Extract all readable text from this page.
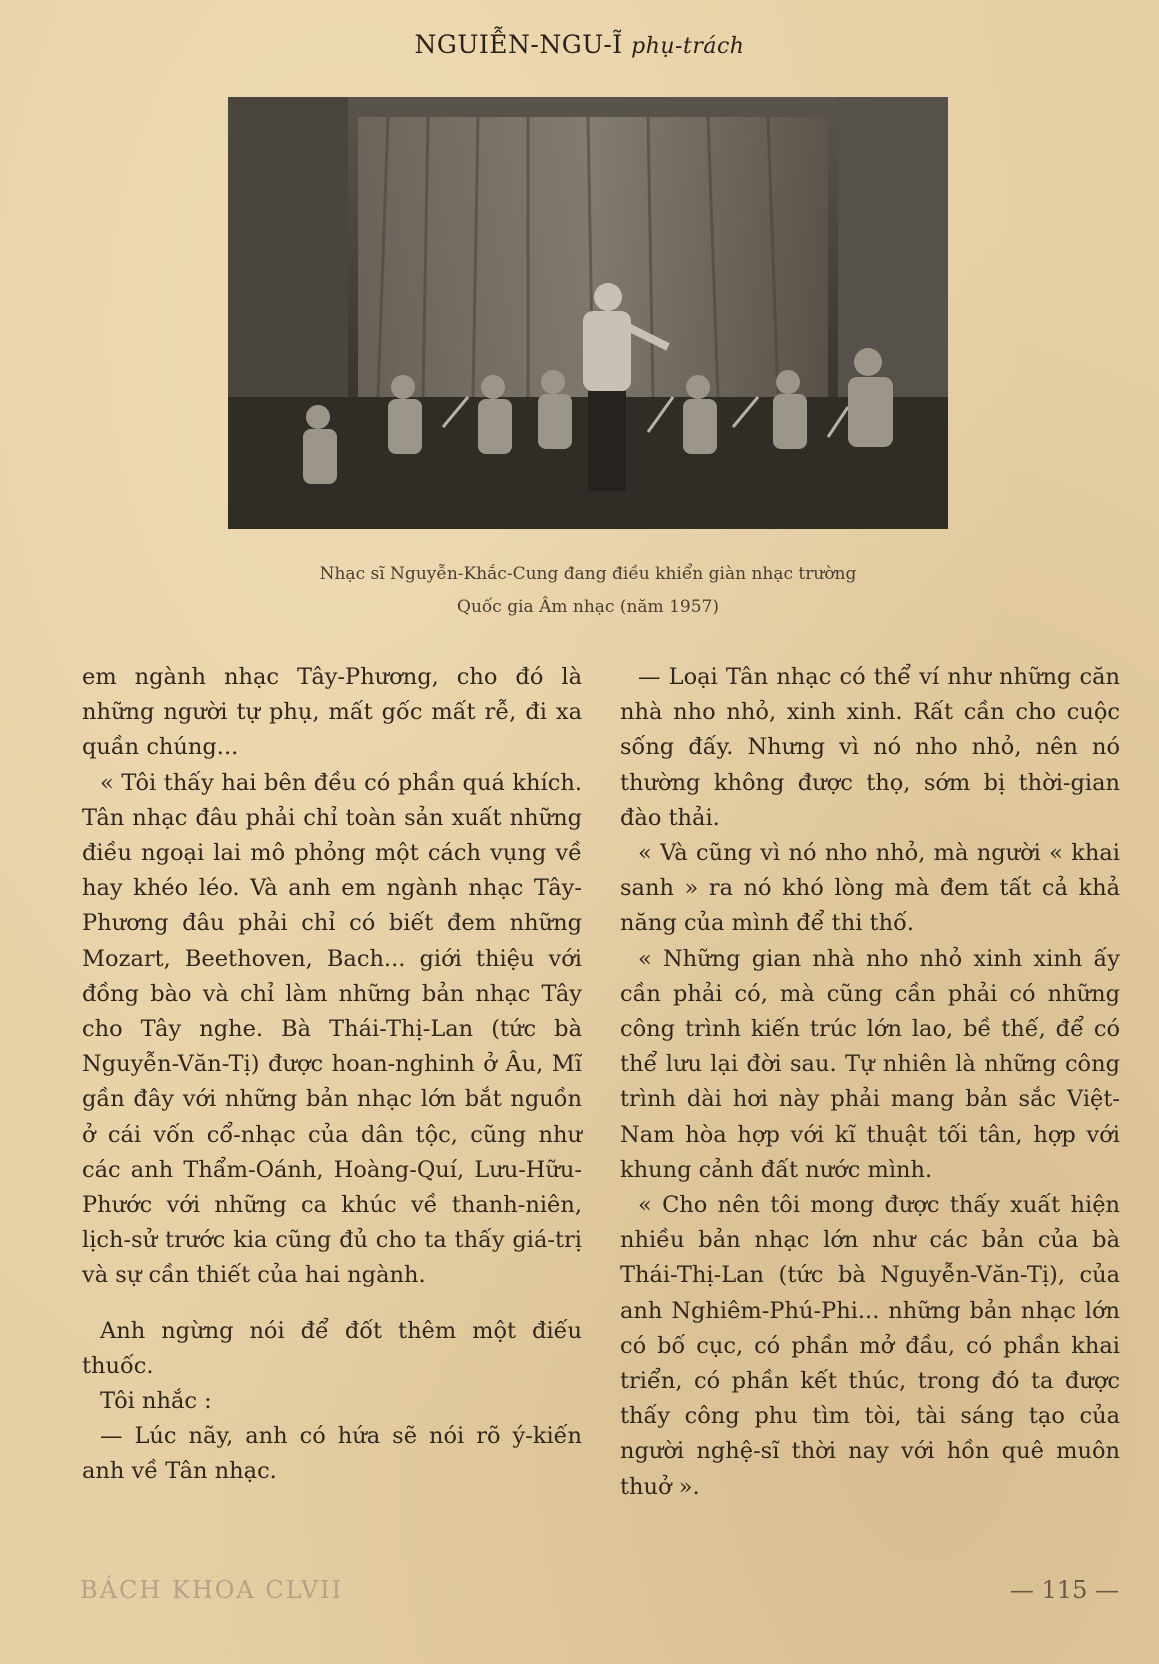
NGUIỄN-NGU-Ĩ phụ-trách
Nhạc sĩ Nguyễn-Khắc-Cung đang điều khiển giàn nhạc trường
Quốc gia Âm nhạc (năm 1957)

em ngành nhạc Tây-Phương, cho đó là những người tự phụ, mất gốc mất rễ, đi xa quần chúng...

« Tôi thấy hai bên đều có phần quá khích. Tân nhạc đâu phải chỉ toàn sản xuất những điều ngoại lai mô phỏng một cách vụng về hay khéo léo. Và anh em ngành nhạc Tây-Phương đâu phải chỉ có biết đem những Mozart, Beethoven, Bach... giới thiệu với đồng bào và chỉ làm những bản nhạc Tây cho Tây nghe. Bà Thái-Thị-Lan (tức bà Nguyễn-Văn-Tị) được hoan-nghinh ở Âu, Mĩ gần đây với những bản nhạc lớn bắt nguồn ở cái vốn cổ-nhạc của dân tộc, cũng như các anh Thẩm-Oánh, Hoàng-Quí, Lưu-Hữu-Phước với những ca khúc về thanh-niên, lịch-sử trước kia cũng đủ cho ta thấy giá-trị và sự cần thiết của hai ngành.

Anh ngừng nói để đốt thêm một điếu thuốc.

Tôi nhắc :

— Lúc nãy, anh có hứa sẽ nói rõ ý-kiến anh về Tân nhạc.

— Loại Tân nhạc có thể ví như những căn nhà nho nhỏ, xinh xinh. Rất cần cho cuộc sống đấy. Nhưng vì nó nho nhỏ, nên nó thường không được thọ, sớm bị thời-gian đào thải.

« Và cũng vì nó nho nhỏ, mà người « khai sanh » ra nó khó lòng mà đem tất cả khả năng của mình để thi thố.

« Những gian nhà nho nhỏ xinh xinh ấy cần phải có, mà cũng cần phải có những công trình kiến trúc lớn lao, bề thế, để có thể lưu lại đời sau. Tự nhiên là những công trình dài hơi này phải mang bản sắc Việt-Nam hòa hợp với kĩ thuật tối tân, hợp với khung cảnh đất nước mình.

« Cho nên tôi mong được thấy xuất hiện nhiều bản nhạc lớn như các bản của bà Thái-Thị-Lan (tức bà Nguyễn-Văn-Tị), của anh Nghiêm-Phú-Phi... những bản nhạc lớn có bố cục, có phần mở đầu, có phần khai triển, có phần kết thúc, trong đó ta được thấy công phu tìm tòi, tài sáng tạo của người nghệ-sĩ thời nay với hồn quê muôn thuở ».

BÁCH KHOA CLVII	— 115 —
